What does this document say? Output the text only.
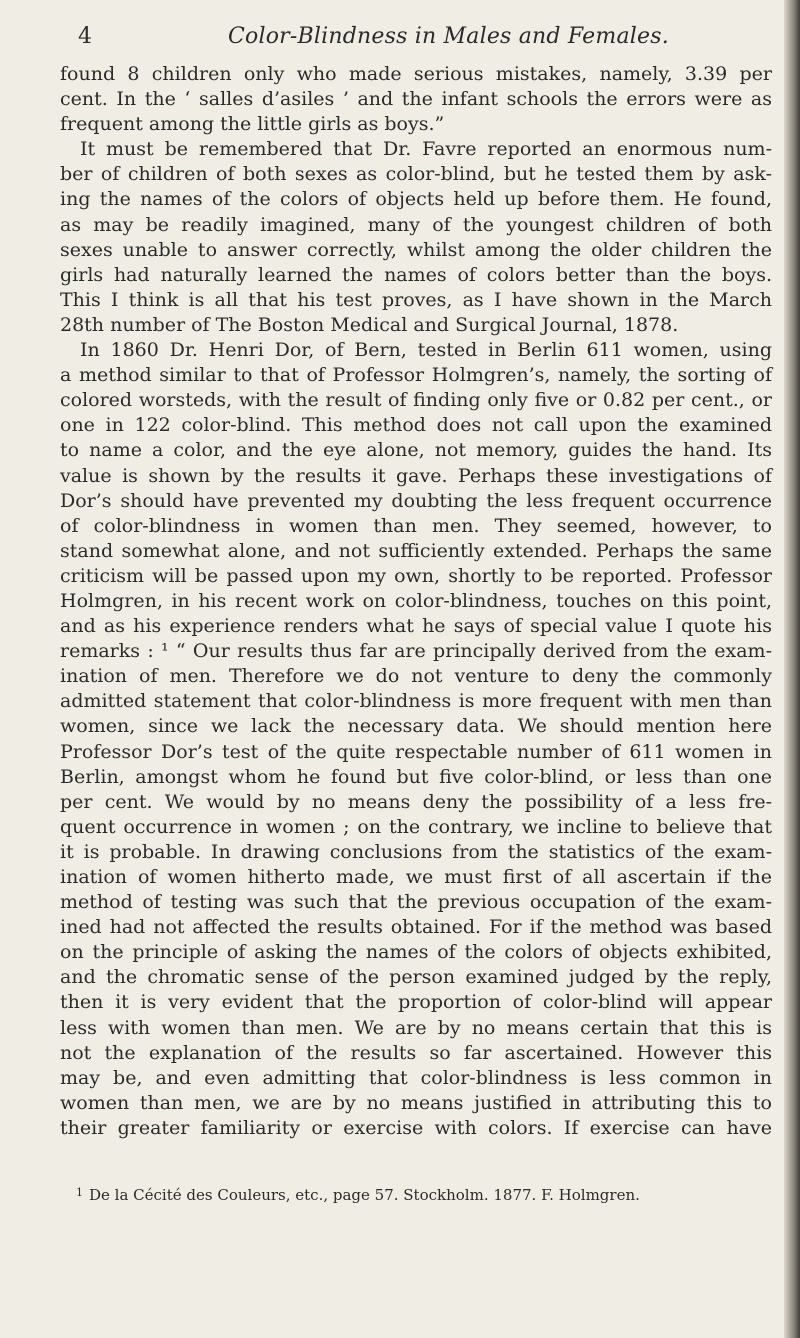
4	Color-Blindness in Males and Females.
found 8 children only who made serious mistakes, namely, 3.39 per
cent. In the ‘ salles d’asiles ’ and the infant schools the errors were as
frequent among the little girls as boys.”
It must be remembered that Dr. Favre reported an enormous num-
ber of children of both sexes as color-blind, but he tested them by ask-
ing the names of the colors of objects held up before them. He found,
as may be readily imagined, many of the youngest children of both
sexes unable to answer correctly, whilst among the older children the
girls had naturally learned the names of colors better than the boys.
This I think is all that his test proves, as I have shown in the March
28th number of The Boston Medical and Surgical Journal, 1878.
In 1860 Dr. Henri Dor, of Bern, tested in Berlin 611 women, using
a method similar to that of Professor Holmgren’s, namely, the sorting of
colored worsteds, with the result of finding only five or 0.82 per cent., or
one in 122 color-blind. This method does not call upon the examined
to name a color, and the eye alone, not memory, guides the hand. Its
value is shown by the results it gave. Perhaps these investigations of
Dor’s should have prevented my doubting the less frequent occurrence
of color-blindness in women than men. They seemed, however, to
stand somewhat alone, and not sufficiently extended. Perhaps the same
criticism will be passed upon my own, shortly to be reported. Professor
Holmgren, in his recent work on color-blindness, touches on this point,
and as his experience renders what he says of special value I quote his
remarks : ¹ “ Our results thus far are principally derived from the exam-
ination of men. Therefore we do not venture to deny the commonly
admitted statement that color-blindness is more frequent with men than
women, since we lack the necessary data. We should mention here
Professor Dor’s test of the quite respectable number of 611 women in
Berlin, amongst whom he found but five color-blind, or less than one
per cent. We would by no means deny the possibility of a less fre-
quent occurrence in women ; on the contrary, we incline to believe that
it is probable. In drawing conclusions from the statistics of the exam-
ination of women hitherto made, we must first of all ascertain if the
method of testing was such that the previous occupation of the exam-
ined had not affected the results obtained. For if the method was based
on the principle of asking the names of the colors of objects exhibited,
and the chromatic sense of the person examined judged by the reply,
then it is very evident that the proportion of color-blind will appear
less with women than men. We are by no means certain that this is
not the explanation of the results so far ascertained. However this
may be, and even admitting that color-blindness is less common in
women than men, we are by no means justified in attributing this to
their greater familiarity or exercise with colors. If exercise can have
$^1$ De la Cécité des Couleurs, etc., page 57. Stockholm. 1877. F. Holmgren.
